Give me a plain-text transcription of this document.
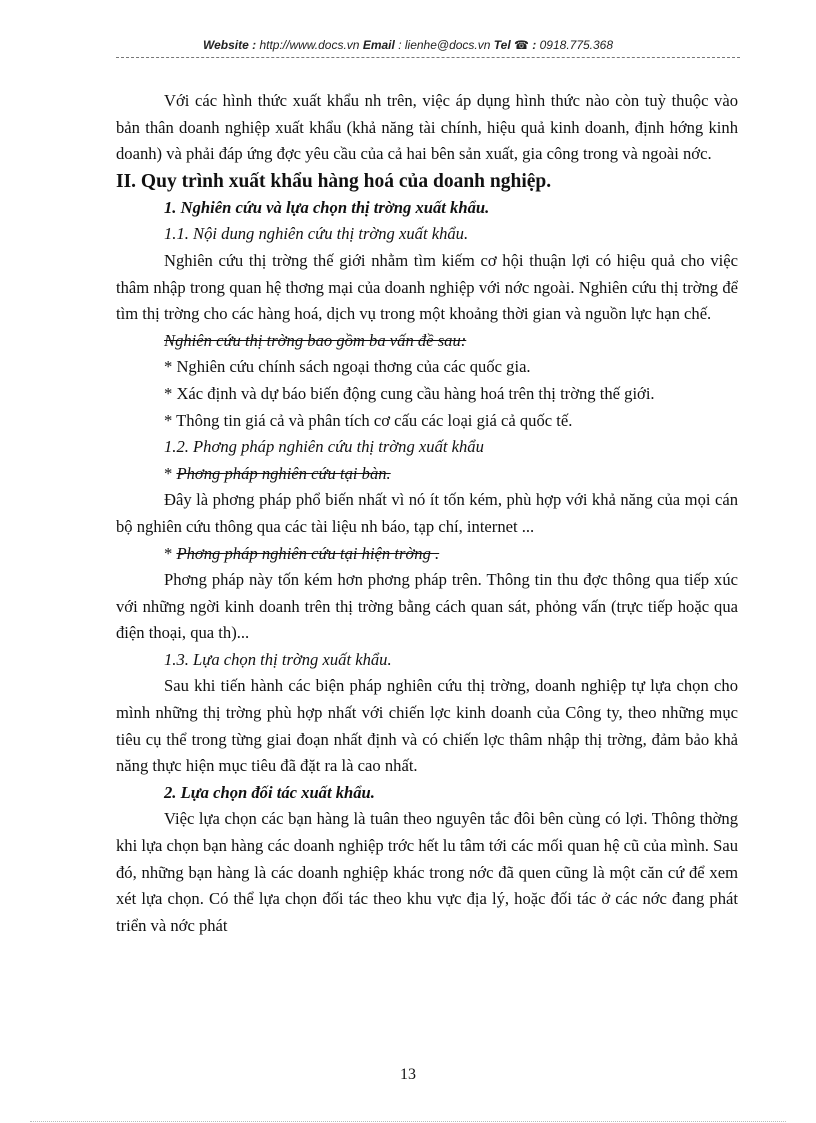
Website : http://www.docs.vn Email : lienhe@docs.vn Tel ☎ : 0918.775.368

Với các hình thức xuất khẩu nh trên, việc áp dụng hình thức nào còn tuỳ thuộc vào bản thân doanh nghiệp xuất khẩu (khả năng tài chính, hiệu quả kinh doanh, định hớng kinh doanh) và phải đáp ứng đợc yêu cầu của cả hai bên sản xuất, gia công trong và ngoài nớc.

II. Quy trình xuất khẩu hàng hoá của doanh nghiệp.

1. Nghiên cứu và lựa chọn thị trờng xuất khẩu.

1.1. Nội dung nghiên cứu thị trờng xuất khẩu.

Nghiên cứu thị trờng thế giới nhằm tìm kiếm cơ hội thuận lợi có hiệu quả cho việc thâm nhập trong quan hệ thơng mại của doanh nghiệp với nớc ngoài. Nghiên cứu thị trờng để tìm thị trờng cho các hàng hoá, dịch vụ trong một khoảng thời gian và nguồn lực hạn chế.

Nghiên cứu thị trờng bao gồm ba vấn đề sau:

* Nghiên cứu chính sách ngoại thơng của các quốc gia.

* Xác định và dự báo biến động cung cầu hàng hoá trên thị trờng thế giới.

* Thông tin giá cả và phân tích cơ cấu các loại giá cả quốc tế.

1.2. Phơng pháp nghiên cứu thị trờng xuất khẩu

* Phơng pháp nghiên cứu tại bàn.

Đây là phơng pháp phổ biến nhất vì nó ít tốn kém, phù hợp với khả năng của mọi cán bộ nghiên cứu thông qua các tài liệu nh báo, tạp chí, internet ...

* Phơng pháp nghiên cứu tại hiện trờng .

Phơng pháp này tốn kém hơn phơng pháp trên. Thông tin thu đợc thông qua tiếp xúc với những ngời kinh doanh trên thị trờng bằng cách quan sát, phỏng vấn (trực tiếp hoặc qua điện thoại, qua th)...

1.3. Lựa chọn thị trờng xuất khẩu.

Sau khi tiến hành các biện pháp nghiên cứu thị trờng, doanh nghiệp tự lựa chọn cho mình những thị trờng phù hợp nhất với chiến lợc kinh doanh của Công ty, theo những mục tiêu cụ thể trong từng giai đoạn nhất định và có chiến lợc thâm nhập thị trờng, đảm bảo khả năng thực hiện mục tiêu đã đặt ra là cao nhất.

2. Lựa chọn đối tác xuất khẩu.

Việc lựa chọn các bạn hàng là tuân theo nguyên tắc đôi bên cùng có lợi. Thông thờng khi lựa chọn bạn hàng các doanh nghiệp trớc hết lu tâm tới các mối quan hệ cũ của mình. Sau đó, những bạn hàng là các doanh nghiệp khác trong nớc đã quen cũng là một căn cứ để xem xét lựa chọn. Có thể lựa chọn đối tác theo khu vực địa lý, hoặc đối tác ở các nớc đang phát triển và nớc phát

13
